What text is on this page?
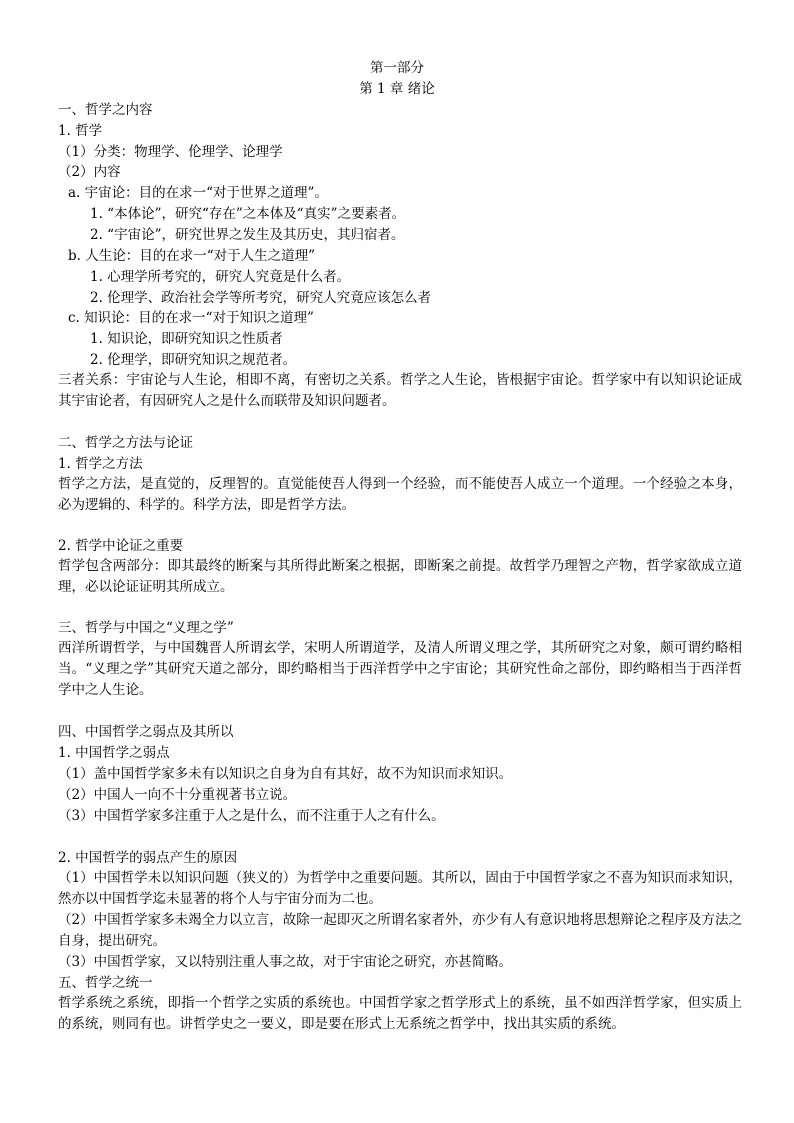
第一部分
第 1 章 绪论
一、哲学之内容
1. 哲学
（1）分类：物理学、伦理学、论理学
（2）内容
a. 宇宙论：目的在求一“对于世界之道理”。
1. “本体论”，研究“存在”之本体及“真实”之要素者。
2. “宇宙论”，研究世界之发生及其历史，其归宿者。
b. 人生论：目的在求一“对于人生之道理”
1. 心理学所考究的，研究人究竟是什么者。
2. 伦理学、政治社会学等所考究，研究人究竟应该怎么者
c. 知识论：目的在求一“对于知识之道理”
1. 知识论，即研究知识之性质者
2. 伦理学，即研究知识之规范者。
三者关系：宇宙论与人生论，相即不离，有密切之关系。哲学之人生论，皆根据宇宙论。哲学家中有以知识论证成其宇宙论者，有因研究人之是什么而联带及知识问题者。
二、哲学之方法与论证
1. 哲学之方法
哲学之方法，是直觉的，反理智的。直觉能使吾人得到一个经验，而不能使吾人成立一个道理。一个经验之本身，必为逻辑的、科学的。科学方法，即是哲学方法。
2. 哲学中论证之重要
哲学包含两部分：即其最终的断案与其所得此断案之根据，即断案之前提。故哲学乃理智之产物，哲学家欲成立道理，必以论证证明其所成立。
三、哲学与中国之“义理之学”
西洋所谓哲学，与中国魏晋人所谓玄学，宋明人所谓道学，及清人所谓义理之学，其所研究之对象，颇可谓约略相当。“义理之学”其研究天道之部分，即约略相当于西洋哲学中之宇宙论；其研究性命之部份，即约略相当于西洋哲学中之人生论。
四、中国哲学之弱点及其所以
1. 中国哲学之弱点
（1）盖中国哲学家多未有以知识之自身为自有其好，故不为知识而求知识。
（2）中国人一向不十分重视著书立说。
（3）中国哲学家多注重于人之是什么，而不注重于人之有什么。
2. 中国哲学的弱点产生的原因
（1）中国哲学未以知识问题（狭义的）为哲学中之重要问题。其所以，固由于中国哲学家之不喜为知识而求知识，然亦以中国哲学迄未显著的将个人与宇宙分而为二也。
（2）中国哲学家多未竭全力以立言，故除一起即灭之所谓名家者外，亦少有人有意识地将思想辩论之程序及方法之自身，提出研究。
（3）中国哲学家，又以特别注重人事之故，对于宇宙论之研究，亦甚简略。
五、哲学之统一
哲学系统之系统，即指一个哲学之实质的系统也。中国哲学家之哲学形式上的系统，虽不如西洋哲学家，但实质上的系统，则同有也。讲哲学史之一要义，即是要在形式上无系统之哲学中，找出其实质的系统。
